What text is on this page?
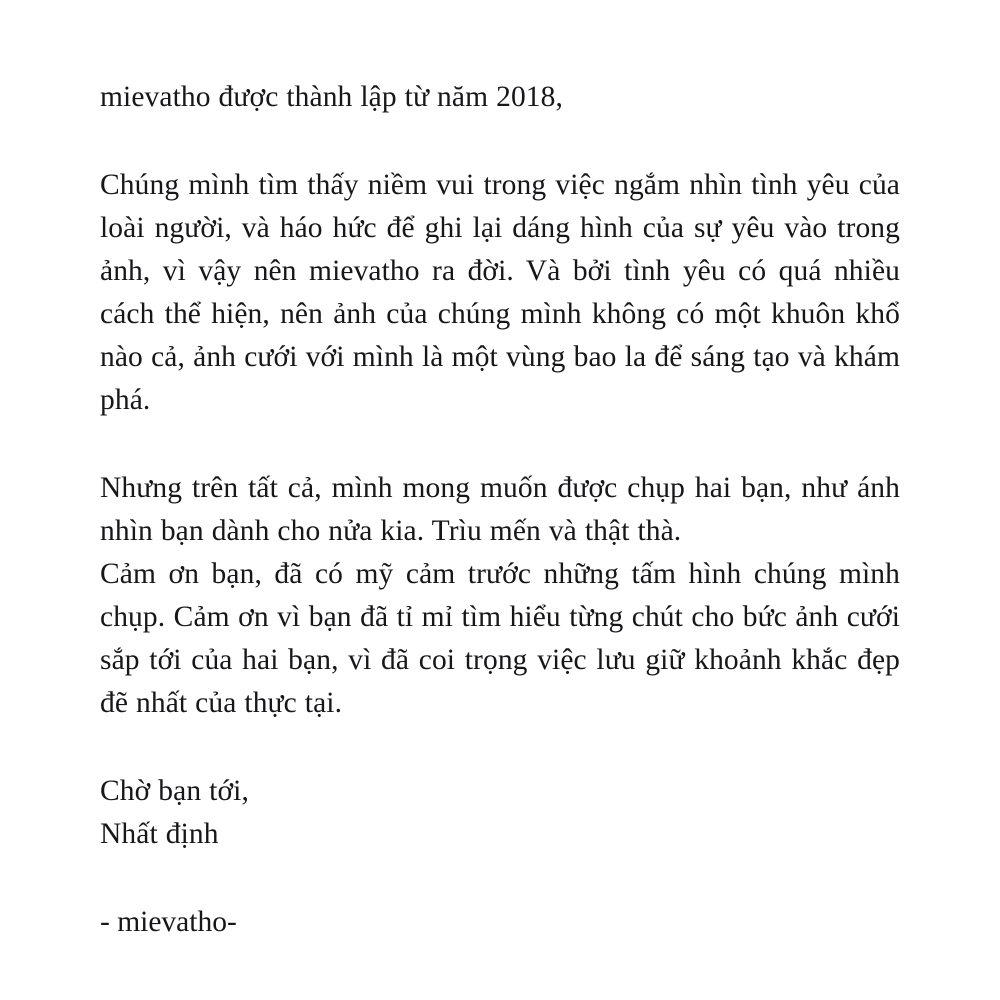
mievatho được thành lập từ năm 2018,

Chúng mình tìm thấy niềm vui trong việc ngắm nhìn tình yêu của loài người, và háo hức để ghi lại dáng hình của sự yêu vào trong ảnh, vì vậy nên mievatho ra đời. Và bởi tình yêu có quá nhiều cách thể hiện, nên ảnh của chúng mình không có một khuôn khổ nào cả, ảnh cưới với mình là một vùng bao la để sáng tạo và khám phá.

Nhưng trên tất cả, mình mong muốn được chụp hai bạn, như ánh nhìn bạn dành cho nửa kia. Trìu mến và thật thà.

Cảm ơn bạn, đã có mỹ cảm trước những tấm hình chúng mình chụp. Cảm ơn vì bạn đã tỉ mỉ tìm hiểu từng chút cho bức ảnh cưới sắp tới của hai bạn, vì đã coi trọng việc lưu giữ khoảnh khắc đẹp đẽ nhất của thực tại.

Chờ bạn tới,

Nhất định

- mievatho-
